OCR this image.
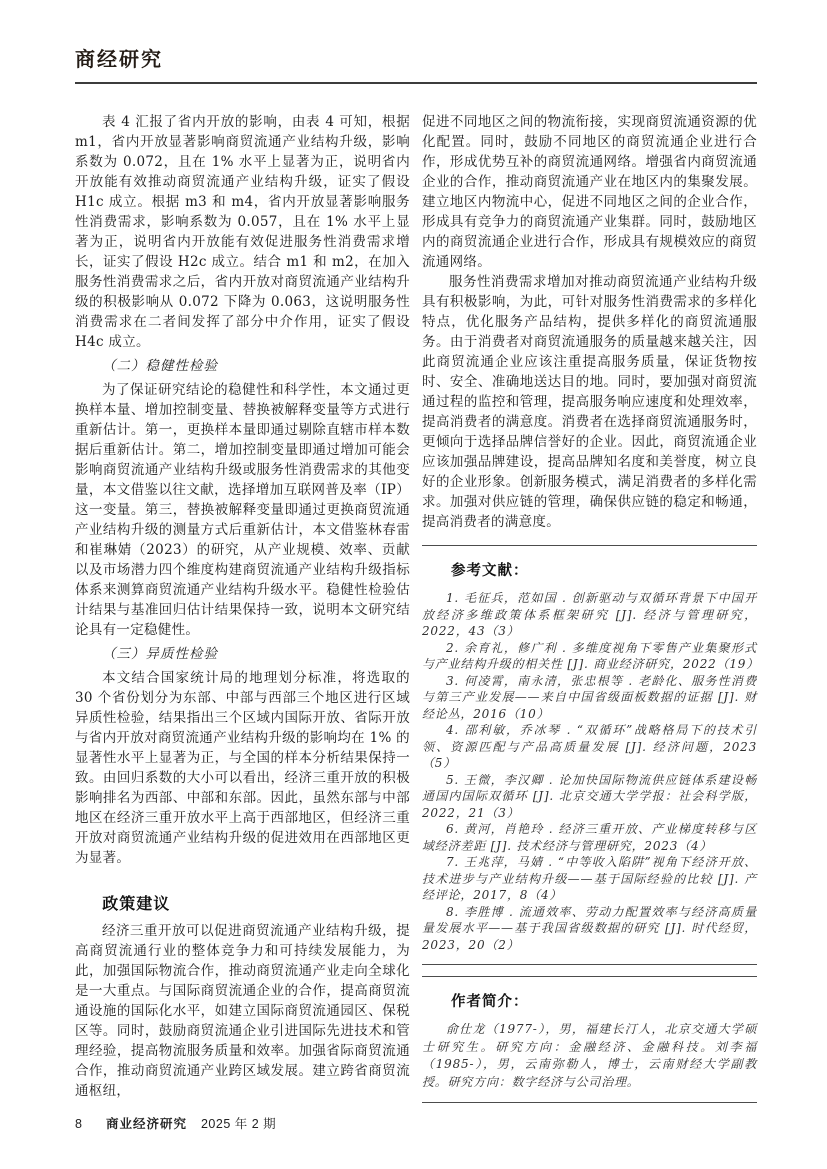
商经研究

表 4 汇报了省内开放的影响，由表 4 可知，根据 m1，省内开放显著影响商贸流通产业结构升级，影响系数为 0.072，且在 1% 水平上显著为正，说明省内开放能有效推动商贸流通产业结构升级，证实了假设 H1c 成立。根据 m3 和 m4，省内开放显著影响服务性消费需求，影响系数为 0.057，且在 1% 水平上显著为正，说明省内开放能有效促进服务性消费需求增长，证实了假设 H2c 成立。结合 m1 和 m2，在加入服务性消费需求之后，省内开放对商贸流通产业结构升级的积极影响从 0.072 下降为 0.063，这说明服务性消费需求在二者间发挥了部分中介作用，证实了假设 H4c 成立。

（二）稳健性检验

为了保证研究结论的稳健性和科学性，本文通过更换样本量、增加控制变量、替换被解释变量等方式进行重新估计。第一，更换样本量即通过剔除直辖市样本数据后重新估计。第二，增加控制变量即通过增加可能会影响商贸流通产业结构升级或服务性消费需求的其他变量，本文借鉴以往文献，选择增加互联网普及率（IP）这一变量。第三，替换被解释变量即通过更换商贸流通产业结构升级的测量方式后重新估计，本文借鉴林春雷和崔琳婧（2023）的研究，从产业规模、效率、贡献以及市场潜力四个维度构建商贸流通产业结构升级指标体系来测算商贸流通产业结构升级水平。稳健性检验估计结果与基准回归估计结果保持一致，说明本文研究结论具有一定稳健性。

（三）异质性检验

本文结合国家统计局的地理划分标准，将选取的 30 个省份划分为东部、中部与西部三个地区进行区域异质性检验，结果指出三个区域内国际开放、省际开放与省内开放对商贸流通产业结构升级的影响均在 1% 的显著性水平上显著为正，与全国的样本分析结果保持一致。由回归系数的大小可以看出，经济三重开放的积极影响排名为西部、中部和东部。因此，虽然东部与中部地区在经济三重开放水平上高于西部地区，但经济三重开放对商贸流通产业结构升级的促进效用在西部地区更为显著。

政策建议

经济三重开放可以促进商贸流通产业结构升级，提高商贸流通行业的整体竞争力和可持续发展能力，为此，加强国际物流合作，推动商贸流通产业走向全球化是一大重点。与国际商贸流通企业的合作，提高商贸流通设施的国际化水平，如建立国际商贸流通园区、保税区等。同时，鼓励商贸流通企业引进国际先进技术和管理经验，提高物流服务质量和效率。加强省际商贸流通合作，推动商贸流通产业跨区域发展。建立跨省商贸流通枢纽，

促进不同地区之间的物流衔接，实现商贸流通资源的优化配置。同时，鼓励不同地区的商贸流通企业进行合作，形成优势互补的商贸流通网络。增强省内商贸流通企业的合作，推动商贸流通产业在地区内的集聚发展。建立地区内物流中心，促进不同地区之间的企业合作，形成具有竞争力的商贸流通产业集群。同时，鼓励地区内的商贸流通企业进行合作，形成具有规模效应的商贸流通网络。

服务性消费需求增加对推动商贸流通产业结构升级具有积极影响，为此，可针对服务性消费需求的多样化特点，优化服务产品结构，提供多样化的商贸流通服务。由于消费者对商贸流通服务的质量越来越关注，因此商贸流通企业应该注重提高服务质量，保证货物按时、安全、准确地送达目的地。同时，要加强对商贸流通过程的监控和管理，提高服务响应速度和处理效率，提高消费者的满意度。消费者在选择商贸流通服务时，更倾向于选择品牌信誉好的企业。因此，商贸流通企业应该加强品牌建设，提高品牌知名度和美誉度，树立良好的企业形象。创新服务模式，满足消费者的多样化需求。加强对供应链的管理，确保供应链的稳定和畅通，提高消费者的满意度。

参考文献：

1. 毛征兵，范如国 . 创新驱动与双循环背景下中国开放经济多维政策体系框架研究 [J]. 经济与管理研究，2022，43（3）

2. 余育礼，修广利 . 多维度视角下零售产业集聚形式与产业结构升级的相关性 [J]. 商业经济研究，2022（19）

3. 何凌霄，南永清，张忠根等 . 老龄化、服务性消费与第三产业发展——来自中国省级面板数据的证据 [J]. 财经论丛，2016（10）

4. 邵利敏，乔冰琴 . “双循环”战略格局下的技术引领、资源匹配与产品高质量发展 [J]. 经济问题，2023（5）

5. 王微，李汉卿 . 论加快国际物流供应链体系建设畅通国内国际双循环 [J]. 北京交通大学学报：社会科学版，2022，21（3）

6. 黄河，肖艳玲 . 经济三重开放、产业梯度转移与区域经济差距 [J]. 技术经济与管理研究，2023（4）

7. 王兆萍，马婧 . “中等收入陷阱”视角下经济开放、技术进步与产业结构升级——基于国际经验的比较 [J]. 产经评论，2017，8（4）

8. 李胜博 . 流通效率、劳动力配置效率与经济高质量量发展水平——基于我国省级数据的研究 [J]. 时代经贸，2023，20（2）

作者简介：

俞仕龙（1977-），男，福建长汀人，北京交通大学硕士研究生。研究方向：金融经济、金融科技。刘李福（1985-），男，云南弥勒人，博士，云南财经大学副教授。研究方向：数字经济与公司治理。

8 商业经济研究 2025 年 2 期
